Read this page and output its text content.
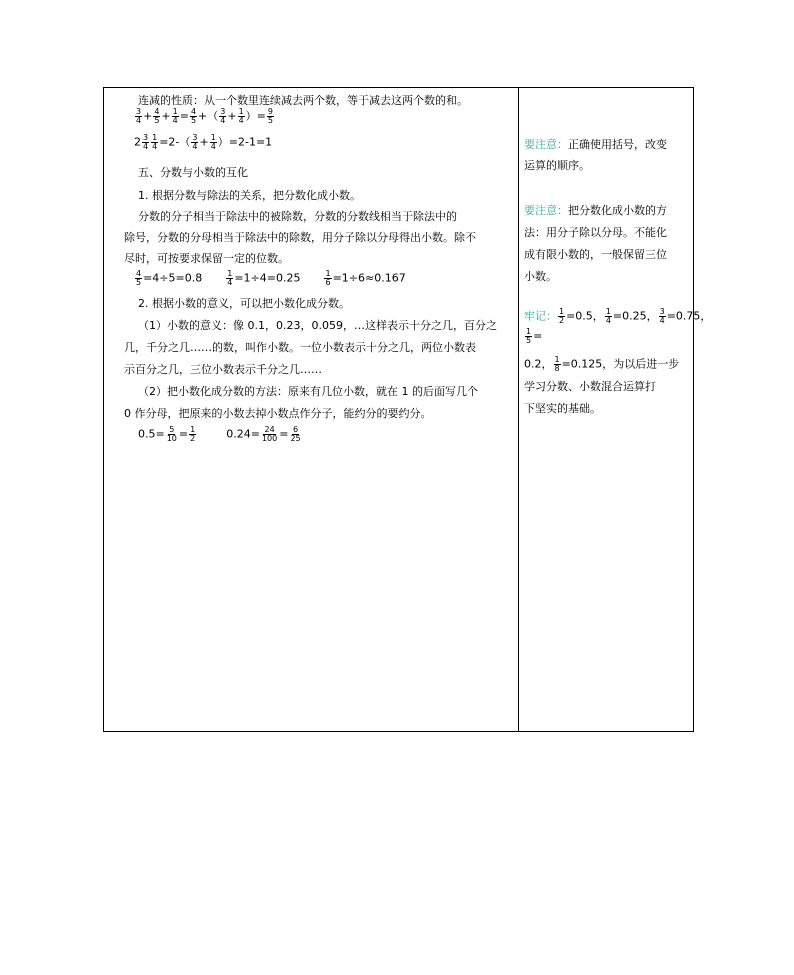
连减的性质：从一个数里连续减去两个数，等于减去这两个数的和。
$\frac{3}{4} + \frac{4}{5} + \frac{1}{4} = \frac{4}{5}$ +（ $\frac{3}{4} + \frac{1}{4}$ ）= $\frac{9}{5}$
$2 \frac{3}{4} \frac{1}{4} =2-( \frac{3}{4} + \frac{1}{4} )=2-1=1$
五、分数与小数的互化
1. 根据分数与除法的关系，把分数化成小数。
分数的分子相当于除法中的被除数，分数的分数线相当于除法中的
除号，分数的分母相当于除法中的除数，用分子除以分母得出小数。除不
尽时，可按要求保留一定的位数。
$\frac{4}{5} =4\div 5=0.8$	$\frac{1}{4} =1\div 4=0.25$	$\frac{1}{6} =1\div 6\approx 0.167$
2. 根据小数的意义，可以把小数化成分数。
（1）小数的意义：像 0.1，0.23，0.059，…这样表示十分之几，百分之
几，千分之几……的数，叫作小数。一位小数表示十分之几，两位小数表
示百分之几，三位小数表示千分之几……
（2）把小数化成分数的方法：原来有几位小数，就在 1 的后面写几个
0 作分母，把原来的小数去掉小数点作分子，能约分的要约分。
$0.5= \frac{5}{10} = \frac{1}{2}$	$0.24= \frac{24}{100} = \frac{6}{25}$
要注意：正确使用括号，改变
运算的顺序。
要注意：把分数化成小数的方
法：用分子除以分母。不能化
成有限小数的，一般保留三位
小数。
牢记： $\frac{1}{2} =0.5$， $\frac{1}{4} =0.25$， $\frac{3}{4} =0.75$，
$\frac{1}{5}$ =
0.2， $\frac{1}{8} =0.125$，为以后进一步
学习分数、小数混合运算打
下坚实的基础。
